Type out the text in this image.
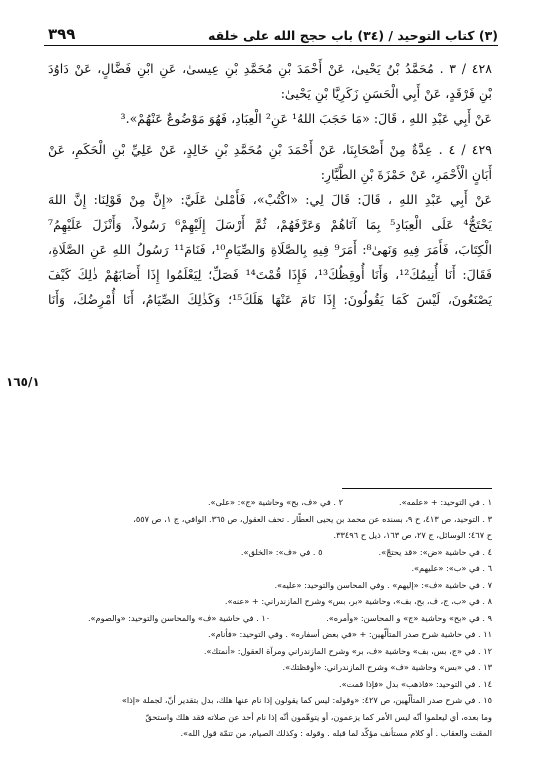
(٣) كتاب التوحيد / (٣٤) باب حجج الله على خلقه
٣٩٩

٤٢٨ / ٣ . مُحَمَّدُ بْنُ يَحْيىٰ، عَنْ أَحْمَدَ بْنِ مُحَمَّدِ بْنِ عِيسىٰ، عَنِ ابْنِ فَضَّالٍ، عَنْ دَاوُدَ
بْنِ فَرْقَدٍ، عَنْ أَبِي الْحَسَنِ زَكَرِيَّا بْنِ يَحْيىٰ:
عَنْ أَبِي عَبْدِ اللهِ ، قَالَ: «مَا حَجَبَ اللهُ¹ عَنِ² الْعِبَادِ، فَهُوَ مَوْضُوعٌ عَنْهُمْ».³

٤٢٩ / ٤ . عِدَّةٌ مِنْ أَصْحَابِنَا، عَنْ أَحْمَدَ بْنِ مُحَمَّدِ بْنِ خَالِدٍ، عَنْ عَلِيِّ بْنِ الْحَكَمِ، عَنْ
أَبَانٍ الْأَحْمَرِ، عَنْ حَمْزَةَ بْنِ الطَّيَّارِ:
عَنْ أَبِي عَبْدِ اللهِ ، قَالَ: قَالَ لِي: «اكْتُبْ»، فَأَمْلىٰ عَلَيَّ: «إِنَّ مِنْ قَوْلِنَا: إِنَّ اللهَ
يَحْتَجُّ⁴ عَلَى الْعِبَادِ⁵ بِمَا آتَاهُمْ وَعَرَّفَهُمْ، ثُمَّ أَرْسَلَ إِلَيْهِمْ⁶ رَسُولاً، وَأَنْزَلَ عَلَيْهِمُ⁷
الْكِتَابَ، فَأَمَرَ فِيهِ وَنَهىٰ⁸: أَمَرَ⁹ فِيهِ بِالصَّلَاةِ وَالصِّيَامِ¹⁰، فَنَامَ¹¹ رَسُولُ اللهِ عَنِ الصَّلَاةِ،
فَقَالَ: أَنَا أُنِيمُكَ¹²، وَأَنَا أُوقِظُكَ¹³، فَإِذَا قُمْتَ¹⁴ فَصَلِّ؛ لِيَعْلَمُوا إِذَا أَصَابَهُمْ ذٰلِكَ كَيْفَ
يَصْنَعُونَ، لَيْسَ كَمَا يَقُولُونَ: إِذَا نَامَ عَنْهَا هَلَكَ¹⁵؛ وَكَذٰلِكَ الصِّيَامُ، أَنَا أُمْرِضُكَ، وَأَنَا

١٦٥/١
١ . في التوحيد: + «علمه».
٢ . في «ف، بح» وحاشية «ج»: «على».
٣ . التوحيد، ص ٤١٣، ح ٩، بسنده عن محمد بن يحيى العطّار . تحف العقول، ص ٣٦٥. الوافي، ج ١، ص ٥٥٧،
ح ٤٦٧؛ الوسائل، ج ٢٧، ص ١٦٣، ذيل ح ٣٣٤٩٦.
٤ . في حاشية «ض»: «قد يحتجّ».
٥ . في «ف»: «الخلق».
٦ . في «ب»: «عليهم».
٧ . في حاشية «ف»: «إليهم» . وفي المحاسن والتوحيد: «عليه».
٨ . في «ب، ج، ف، بح، بف»، وحاشية «بر، بس» وشرح المازندراني: + «عنه».
٩ . في «بح» وحاشية «ج» و المحاسن: «وأمره».
١٠ . في حاشية «ف» والمحاسن والتوحيد: «والصوم».
١١ . في حاشية شرح صدر المتألّهين: + «في بعض أسفاره» . وفي التوحيد: «فأنام».
١٢ . في «ج، بس، بف» وحاشية «ف، بر» وشرح المازندراني ومرآة العقول: «أنمتك».
١٣ . في «بس» وحاشية «ف» وشرح المازندراني: «أوقظتك».
١٤ . في التوحيد: «فاذهب» بدل «فإذا قمت».
١٥ . في شرح صدر المتألّهين، ص ٤٢٧: «وقوله: ليس كما يقولون إذا نام عنها هلك، بدل بتقدير أنّ، لجملة «إذا»
وما بعده، أي ليعلموا أنّه ليس الأمر كما يزعمون، أو يتوهّمون أنّه إذا نام أحد عن صلاته فقد هلك واستحقّ
المقت والعقاب . أو كلام مستأنف مؤكّد لما قبله . وقوله : وكذلك الصيام، من تتمّة قول الله».
